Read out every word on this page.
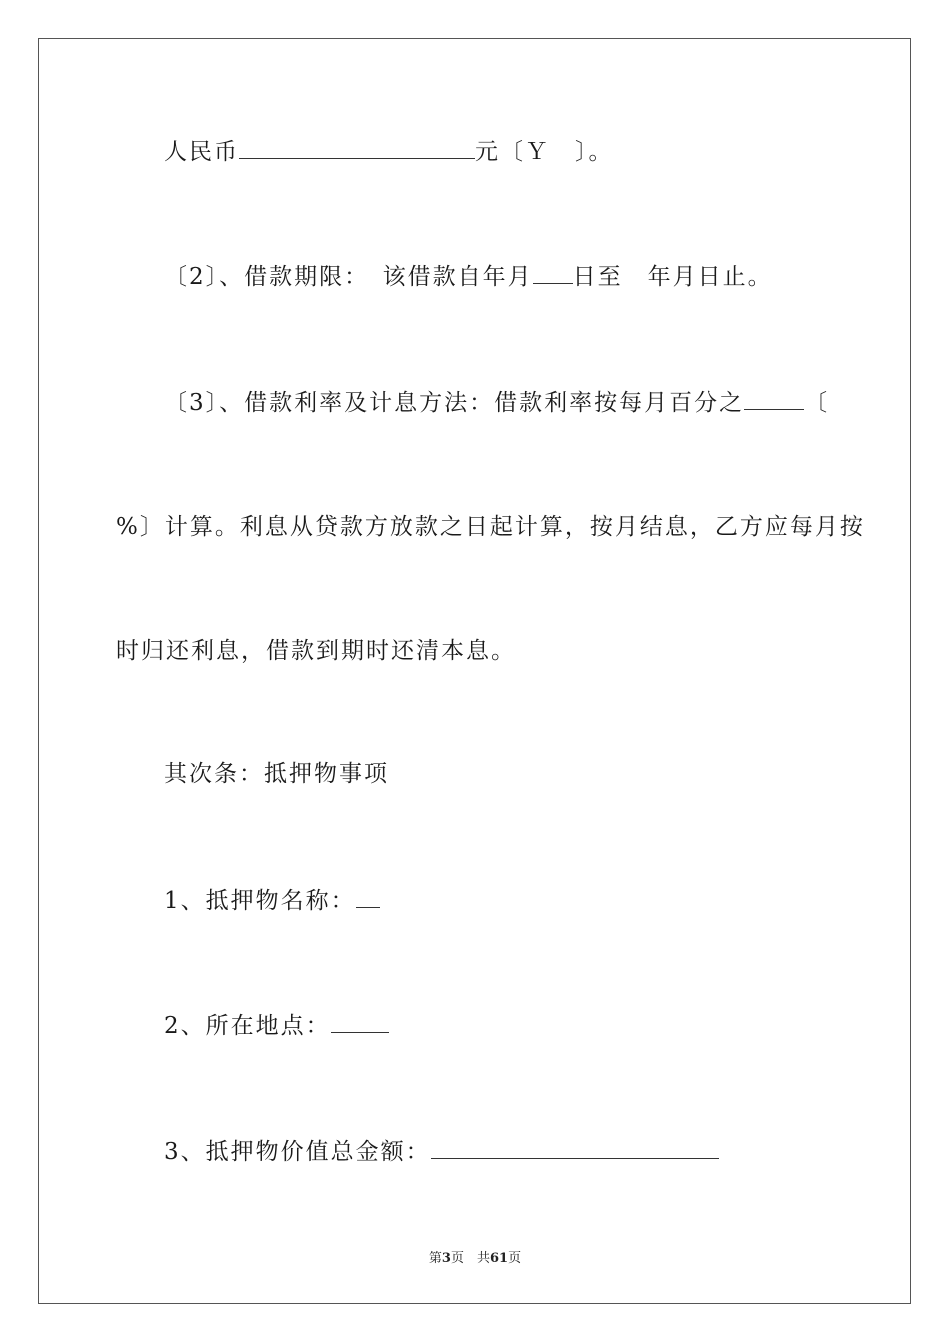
人民币	元〔Ｙ　〕。
〔2〕、借款期限：　该借款自年月 日至　年月日止。
〔3〕、借款利率及计息方法：借款利率按每月百分之	〔
%〕计算。利息从贷款方放款之日起计算，按月结息，乙方应每月按
时归还利息，借款到期时还清本息。
其次条：抵押物事项
1、抵押物名称：
2、所在地点：
3、抵押物价值总金额：
第3页　共61页
